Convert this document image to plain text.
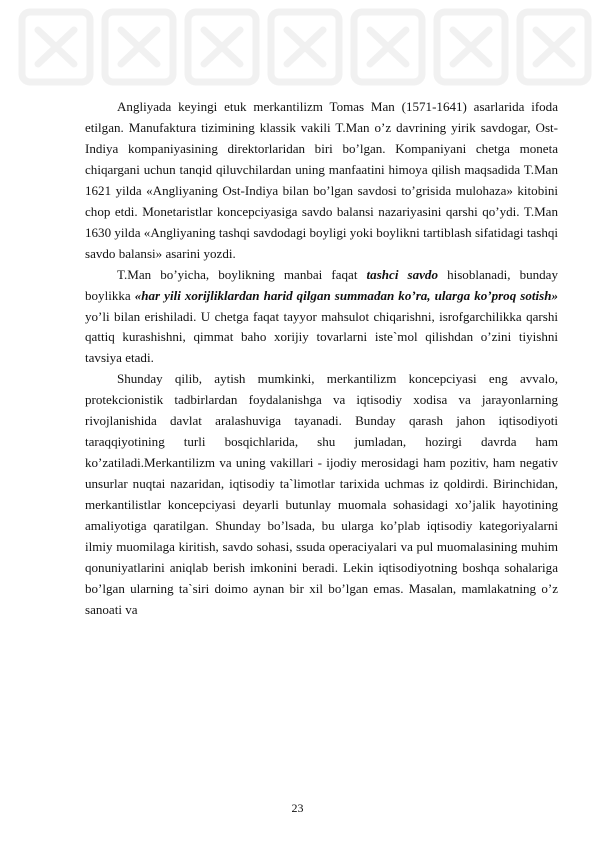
Angliyada keyingi etuk merkantilizm Tomas Man (1571-1641) asarlarida ifoda etilgan. Manufaktura tizimining klassik vakili T.Man o’z davrining yirik savdogar, Ost-Indiya kompaniyasining direktorlaridan biri bo’lgan. Kompaniyani chetga moneta chiqargani uchun tanqid qiluvchilardan uning manfaatini himoya qilish maqsadida T.Man 1621 yilda «Angliyaning Ost-Indiya bilan bo’lgan savdosi to’grisida mulohaza» kitobini chop etdi. Monetaristlar koncepciyasiga savdo balansi nazariyasini qarshi qo’ydi. T.Man 1630 yilda «Angliyaning tashqi savdodagi boyligi yoki boylikni tartiblash sifatidagi tashqi savdo balansi» asarini yozdi.

T.Man bo’yicha, boylikning manbai faqat tashci savdo hisoblanadi, bunday boylikka «har yili xorijliklardan harid qilgan summadan ko’ra, ularga ko’proq sotish» yo’li bilan erishiladi. U chetga faqat tayyor mahsulot chiqarishni, isrofgarchilikka qarshi qattiq kurashishni, qimmat baho xorijiy tovarlarni iste`mol qilishdan o’zini tiyishni tavsiya etadi.

Shunday qilib, aytish mumkinki, merkantilizm koncepciyasi eng avvalo, protekcionistik tadbirlardan foydalanishga va iqtisodiy xodisa va jarayonlarning rivojlanishida davlat aralashuviga tayanadi. Bunday qarash jahon iqtisodiyoti taraqqiyotining turli bosqichlarida, shu jumladan, hozirgi davrda ham ko’zatiladi.Merkantilizm va uning vakillari - ijodiy merosidagi ham pozitiv, ham negativ unsurlar nuqtai nazaridan, iqtisodiy ta`limotlar tarixida uchmas iz qoldirdi. Birinchidan, merkantilistlar koncepciyasi deyarli butunlay muomala sohasidagi xo’jalik hayotining amaliyotiga qaratilgan. Shunday bo’lsada, bu ularga ko’plab iqtisodiy kategoriyalarni ilmiy muomilaga kiritish, savdo sohasi, ssuda operaciyalari va pul muomalasining muhim qonuniyatlarini aniqlab berish imkonini beradi. Lekin iqtisodiyotning boshqa sohalariga bo’lgan ularning ta`siri doimo aynan bir xil bo’lgan emas. Masalan, mamlakatning o’z sanoati va

23
